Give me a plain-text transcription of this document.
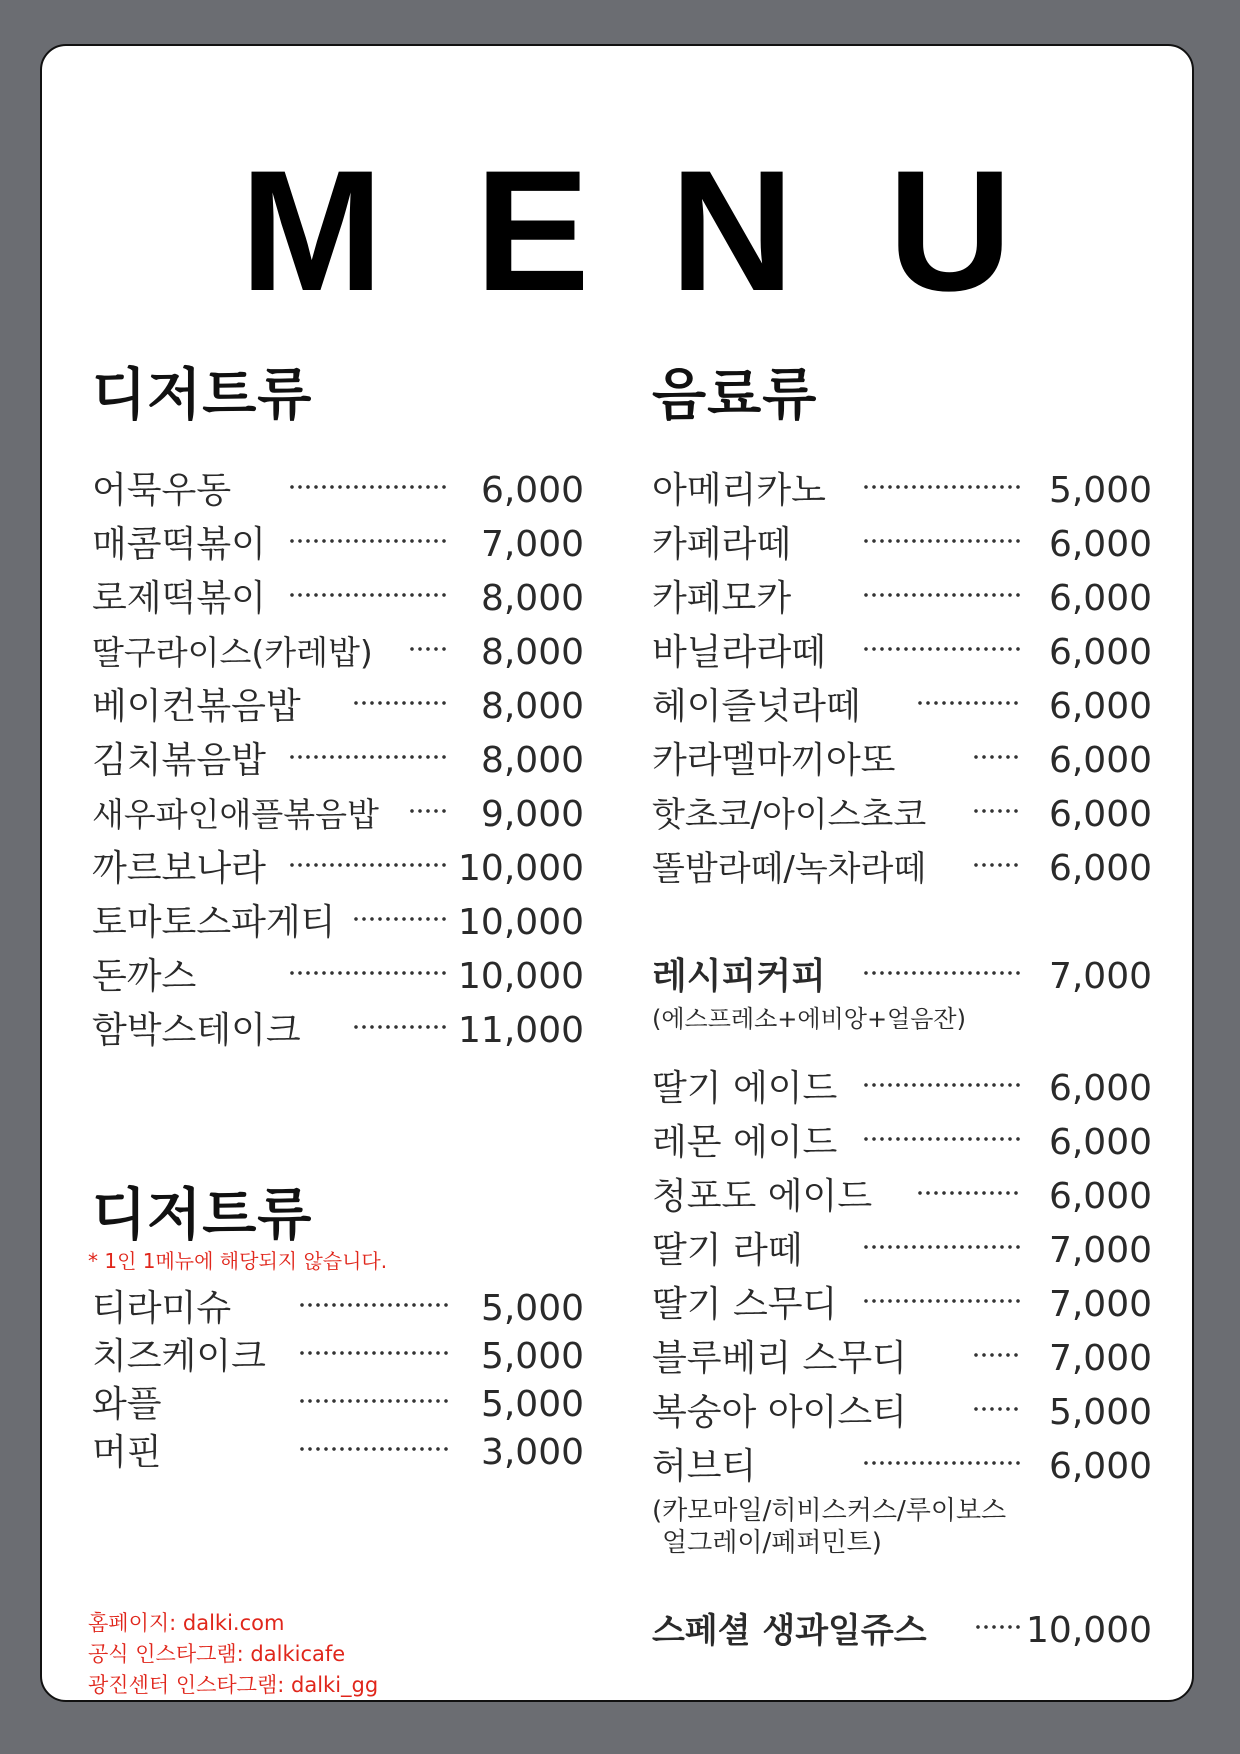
M E N U
디저트류
어묵우동	6,000
매콤떡볶이	7,000
로제떡볶이	8,000
딸구라이스(카레밥)	8,000
베이컨볶음밥	8,000
김치볶음밥	8,000
새우파인애플볶음밥	9,000
까르보나라	10,000
토마토스파게티	10,000
돈까스	10,000
함박스테이크	11,000
디저트류
* 1인 1메뉴에 해당되지 않습니다.
티라미슈	5,000
치즈케이크	5,000
와플	5,000
머핀	3,000
홈페이지: dalki.com
공식 인스타그램: dalkicafe
광진센터 인스타그램: dalki_gg
음료류
아메리카노	5,000
카페라떼	6,000
카페모카	6,000
바닐라라떼	6,000
헤이즐넛라떼	6,000
카라멜마끼아또	6,000
핫초코/아이스초코	6,000
똘밤라떼/녹차라떼	6,000
레시피커피	7,000
(에스프레소+에비앙+얼음잔)
딸기 에이드	6,000
레몬 에이드	6,000
청포도 에이드	6,000
딸기 라떼	7,000
딸기 스무디	7,000
블루베리 스무디	7,000
복숭아 아이스티	5,000
허브티	6,000
(카모마일/히비스커스/루이보스
얼그레이/페퍼민트)
스페셜 생과일쥬스	10,000
